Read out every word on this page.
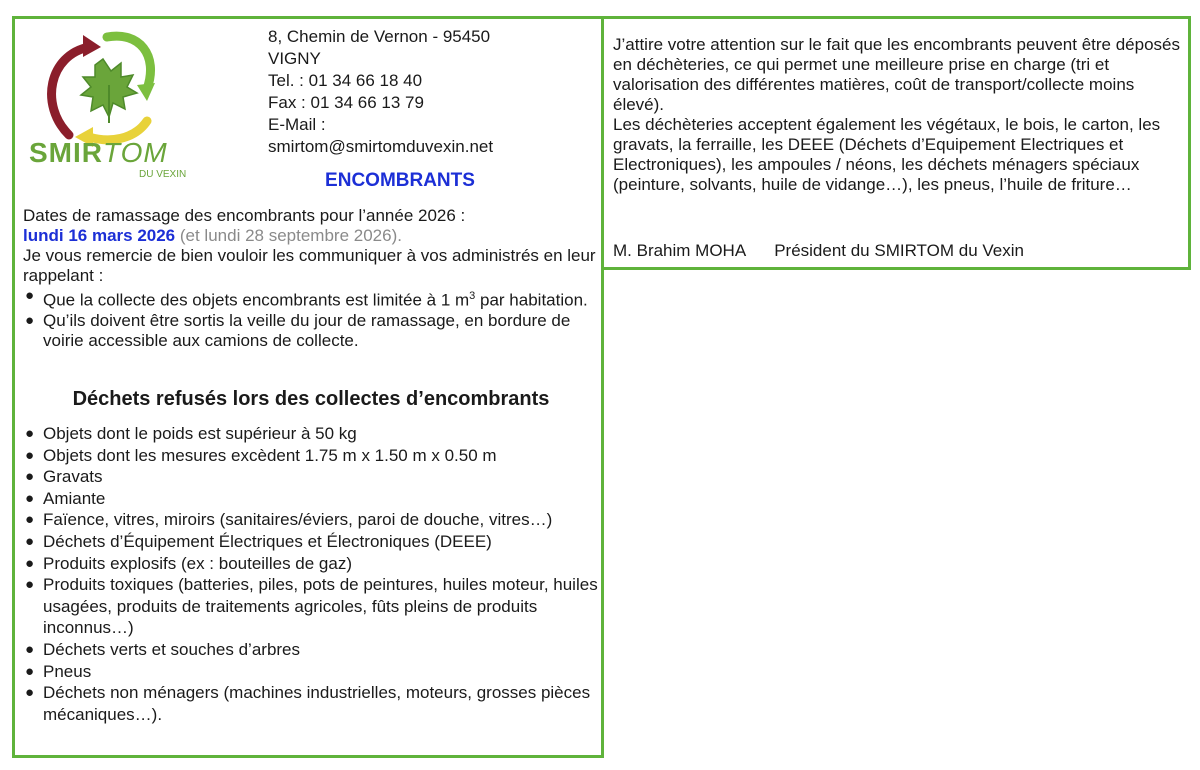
SMIRTOM
DU VEXIN
8, Chemin de Vernon - 95450
VIGNY
Tel. : 01 34 66 18 40
Fax : 01 34 66 13 79
E-Mail :
smirtom@smirtomduvexin.net
ENCOMBRANTS

Dates de ramassage des encombrants pour l’année 2026 :

lundi 16 mars 2026 (et lundi 28 septembre 2026).

Je vous remercie de bien vouloir les communiquer à vos administrés en leur rappelant :

● Que la collecte des objets encombrants est limitée à 1 $m^3$ par habitation.
● Qu’ils doivent être sortis la veille du jour de ramassage, en bordure de voirie accessible aux camions de collecte.
Déchets refusés lors des collectes d’encombrants
● Objets dont le poids est supérieur à 50 kg
● Objets dont les mesures excèdent 1.75 m x 1.50 m x 0.50 m
● Gravats
● Amiante
● Faïence, vitres, miroirs (sanitaires/éviers, paroi de douche, vitres…)
● Déchets d’Équipement Électriques et Électroniques (DEEE)
● Produits explosifs (ex : bouteilles de gaz)
● Produits toxiques (batteries, piles, pots de peintures, huiles moteur, huiles usagées, produits de traitements agricoles, fûts pleins de produits inconnus…)
● Déchets verts et souches d’arbres
● Pneus
● Déchets non ménagers (machines industrielles, moteurs, grosses pièces mécaniques…).

J’attire votre attention sur le fait que les encombrants peuvent être déposés en déchèteries, ce qui permet une meilleure prise en charge (tri et valorisation des différentes matières, coût de transport/collecte moins élevé).

Les déchèteries acceptent également les végétaux, le bois, le carton, les gravats, la ferraille, les DEEE (Déchets d’Equipement Electriques et Electroniques), les ampoules / néons, les déchets ménagers spéciaux (peinture, solvants, huile de vidange…), les pneus, l’huile de friture…

M. Brahim MOHA Président du SMIRTOM du Vexin
